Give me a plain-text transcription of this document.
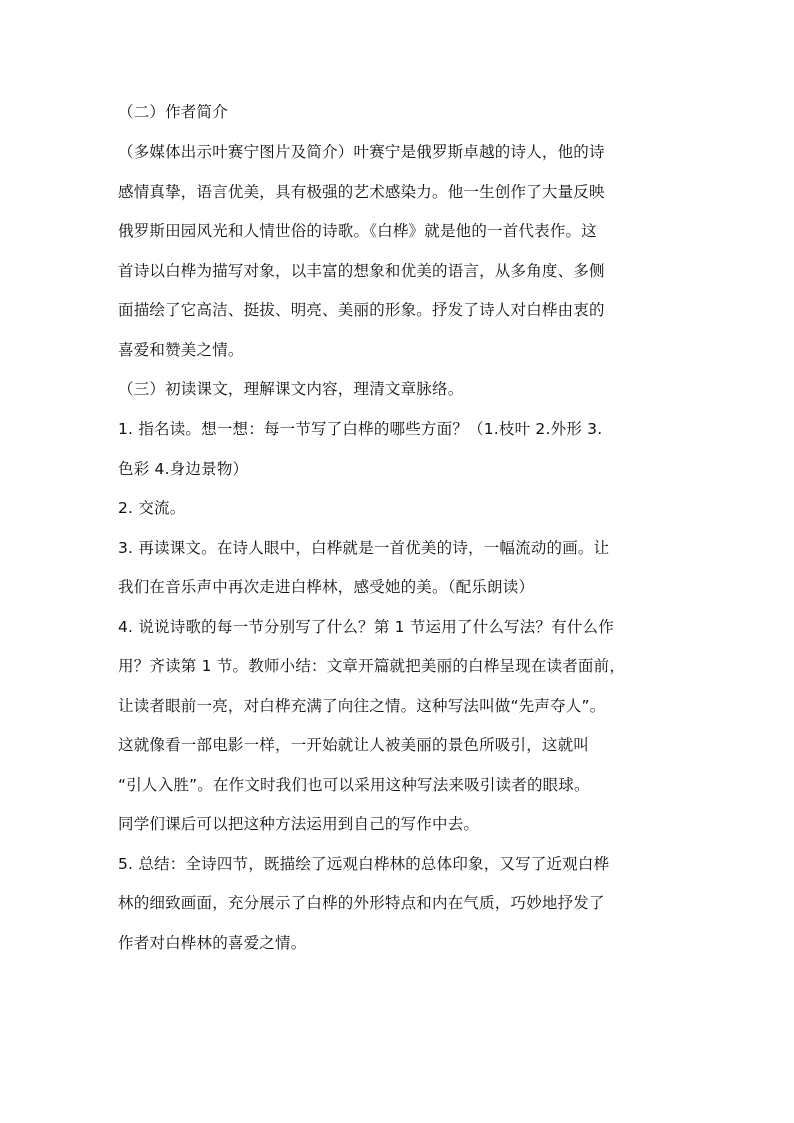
（二）作者简介
（多媒体出示叶赛宁图片及简介）叶赛宁是俄罗斯卓越的诗人，他的诗
感情真挚，语言优美，具有极强的艺术感染力。他一生创作了大量反映
俄罗斯田园风光和人情世俗的诗歌。《白桦》就是他的一首代表作。这
首诗以白桦为描写对象，以丰富的想象和优美的语言，从多角度、多侧
面描绘了它高洁、挺拔、明亮、美丽的形象。抒发了诗人对白桦由衷的
喜爱和赞美之情。
（三）初读课文，理解课文内容，理清文章脉络。
1. 指名读。想一想：每一节写了白桦的哪些方面？（1.枝叶 2.外形 3.
色彩 4.身边景物）
2. 交流。
3. 再读课文。在诗人眼中，白桦就是一首优美的诗，一幅流动的画。让
我们在音乐声中再次走进白桦林，感受她的美。（配乐朗读）
4. 说说诗歌的每一节分别写了什么？第 1 节运用了什么写法？有什么作
用？齐读第 1 节。教师小结：文章开篇就把美丽的白桦呈现在读者面前，
让读者眼前一亮，对白桦充满了向往之情。这种写法叫做“先声夺人”。
这就像看一部电影一样，一开始就让人被美丽的景色所吸引，这就叫
“引人入胜”。在作文时我们也可以采用这种写法来吸引读者的眼球。
同学们课后可以把这种方法运用到自己的写作中去。
5. 总结：全诗四节，既描绘了远观白桦林的总体印象，又写了近观白桦
林的细致画面，充分展示了白桦的外形特点和内在气质，巧妙地抒发了
作者对白桦林的喜爱之情。
